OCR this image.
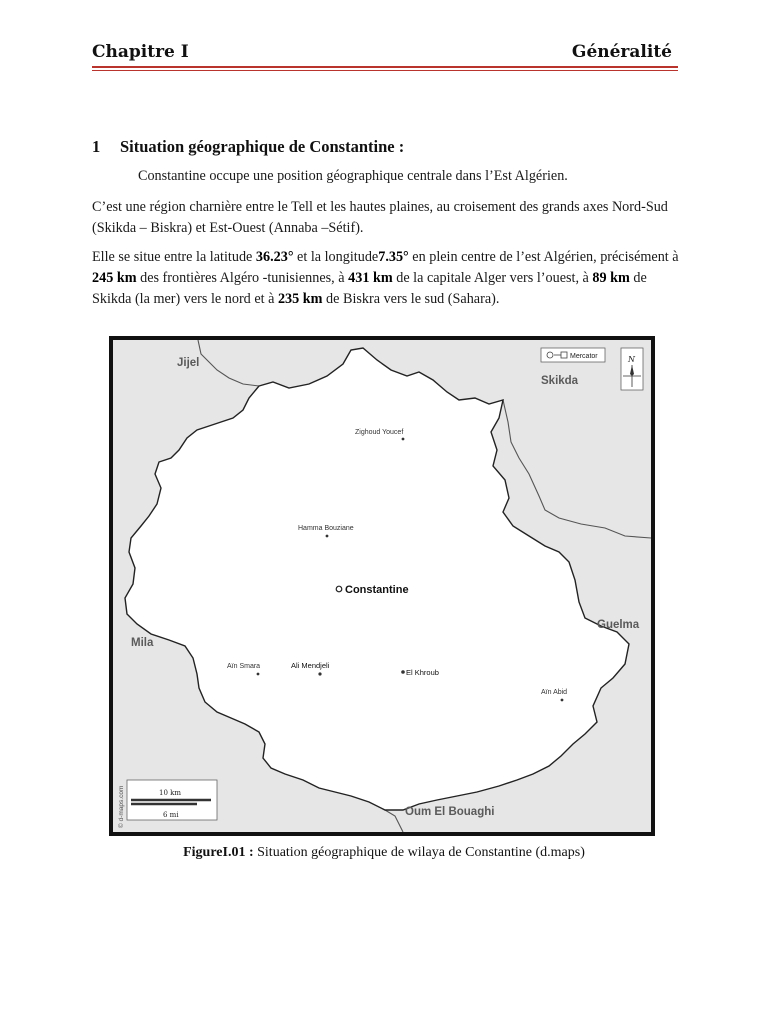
Chapitre I	Généralité
1 Situation géographique de Constantine :
Constantine occupe une position géographique centrale dans l’Est Algérien.
C’est une région charnière entre le Tell et les hautes plaines, au croisement des grands axes Nord-Sud (Skikda – Biskra) et Est-Ouest (Annaba –Sétif).
Elle se situe entre la latitude 36.23° et la longitude7.35° en plein centre de l’est Algérien, précisément à 245 km des frontières Algéro -tunisiennes, à 431 km de la capitale Alger vers l’ouest, à 89 km de Skikda (la mer) vers le nord et à 235 km de Biskra vers le sud (Sahara).
Jijel
Skikda
Mila
Guelma
Oum El Bouaghi
Zighoud Youcef
Hamma Bouziane
Constantine
Aïn Smara	Ali Mendjeli
El Khroub
Aïn Abid
Mercator	N
10 km
6 mi
© d-maps.com
FigureI.01 : Situation géographique de wilaya de Constantine (d.maps)
